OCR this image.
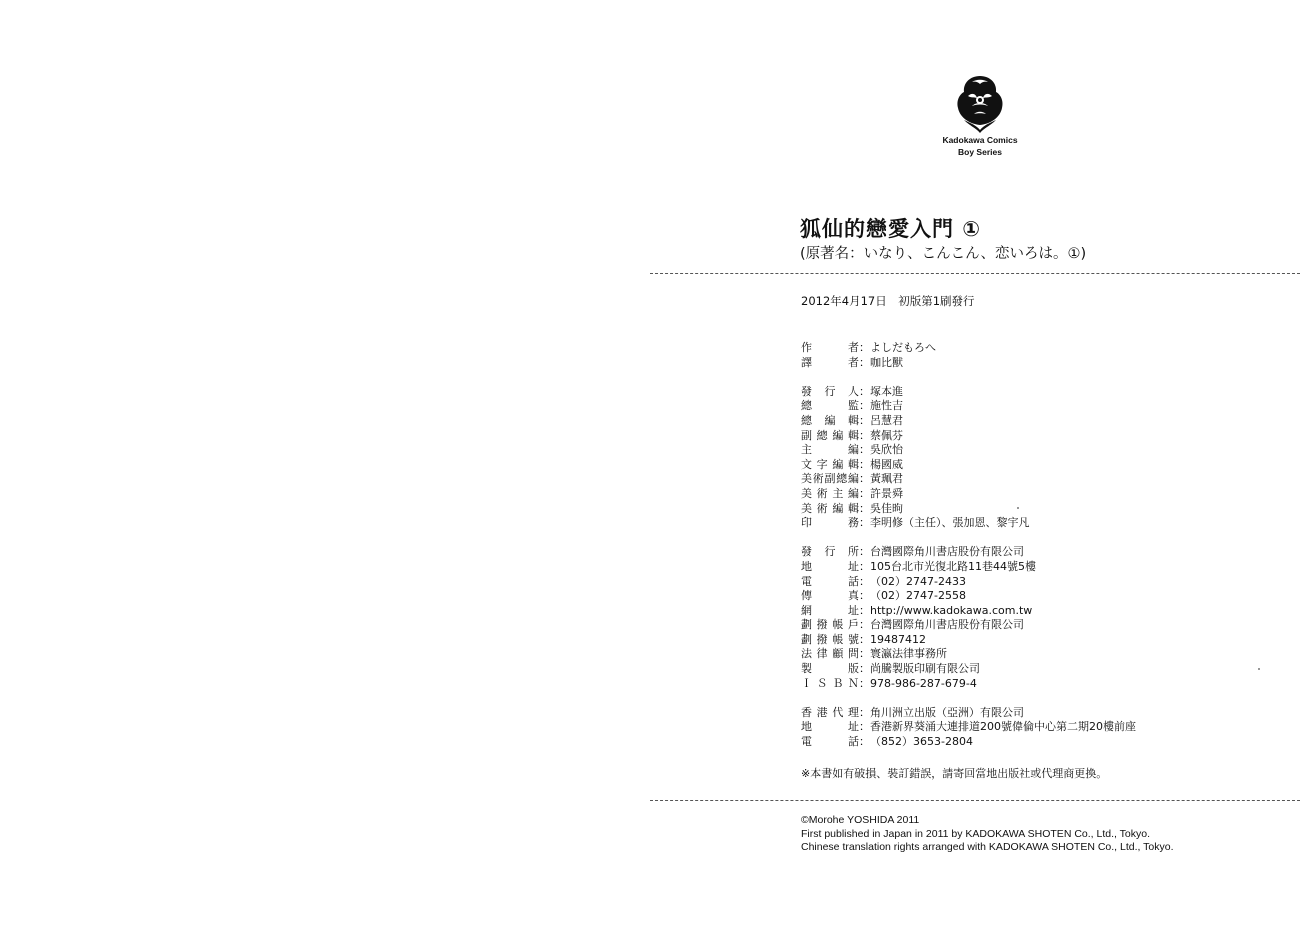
Kadokawa Comics
Boy Series
狐仙的戀愛入門 ①
(原著名：いなり、こんこん、恋いろは。①)
2012年4月17日　初版第1刷發行
作	者 ： よしだもろへ
譯	者 ： 咖比獸
發 行 人 ： 塚本進
總	監 ： 施性吉
總 編 輯 ： 呂慧君
副 總 編 輯 ： 蔡佩芬
主	編 ： 吳欣怡
文 字 編 輯 ： 楊國威
美 術 副 總 編 ： 黃珮君
美 術 主 編 ： 許景舜
美 術 編 輯 ： 吳佳昫
印	務 ： 李明修（主任）、張加恩、黎宇凡
發 行 所 ： 台灣國際角川書店股份有限公司
地	址 ： 105台北市光復北路11巷44號5樓
電	話 ： （02）2747-2433
傳	真 ： （02）2747-2558
網	址 ： http://www.kadokawa.com.tw
劃 撥 帳 戶 ： 台灣國際角川書店股份有限公司
劃 撥 帳 號 ： 19487412
法 律 顧 問 ： 寰瀛法律事務所
製	版 ： 尚騰製版印刷有限公司
Ｉ Ｓ Ｂ Ｎ ： 978-986-287-679-4
香 港 代 理 ： 角川洲立出版（亞洲）有限公司
地	址 ： 香港新界葵涌大連排道200號偉倫中心第二期20樓前座
電	話 ： （852）3653-2804
※本書如有破損、裝訂錯誤，請寄回當地出版社或代理商更換。
©Morohe YOSHIDA 2011
First published in Japan in 2011 by KADOKAWA SHOTEN Co., Ltd., Tokyo.
Chinese translation rights arranged with KADOKAWA SHOTEN Co., Ltd., Tokyo.
